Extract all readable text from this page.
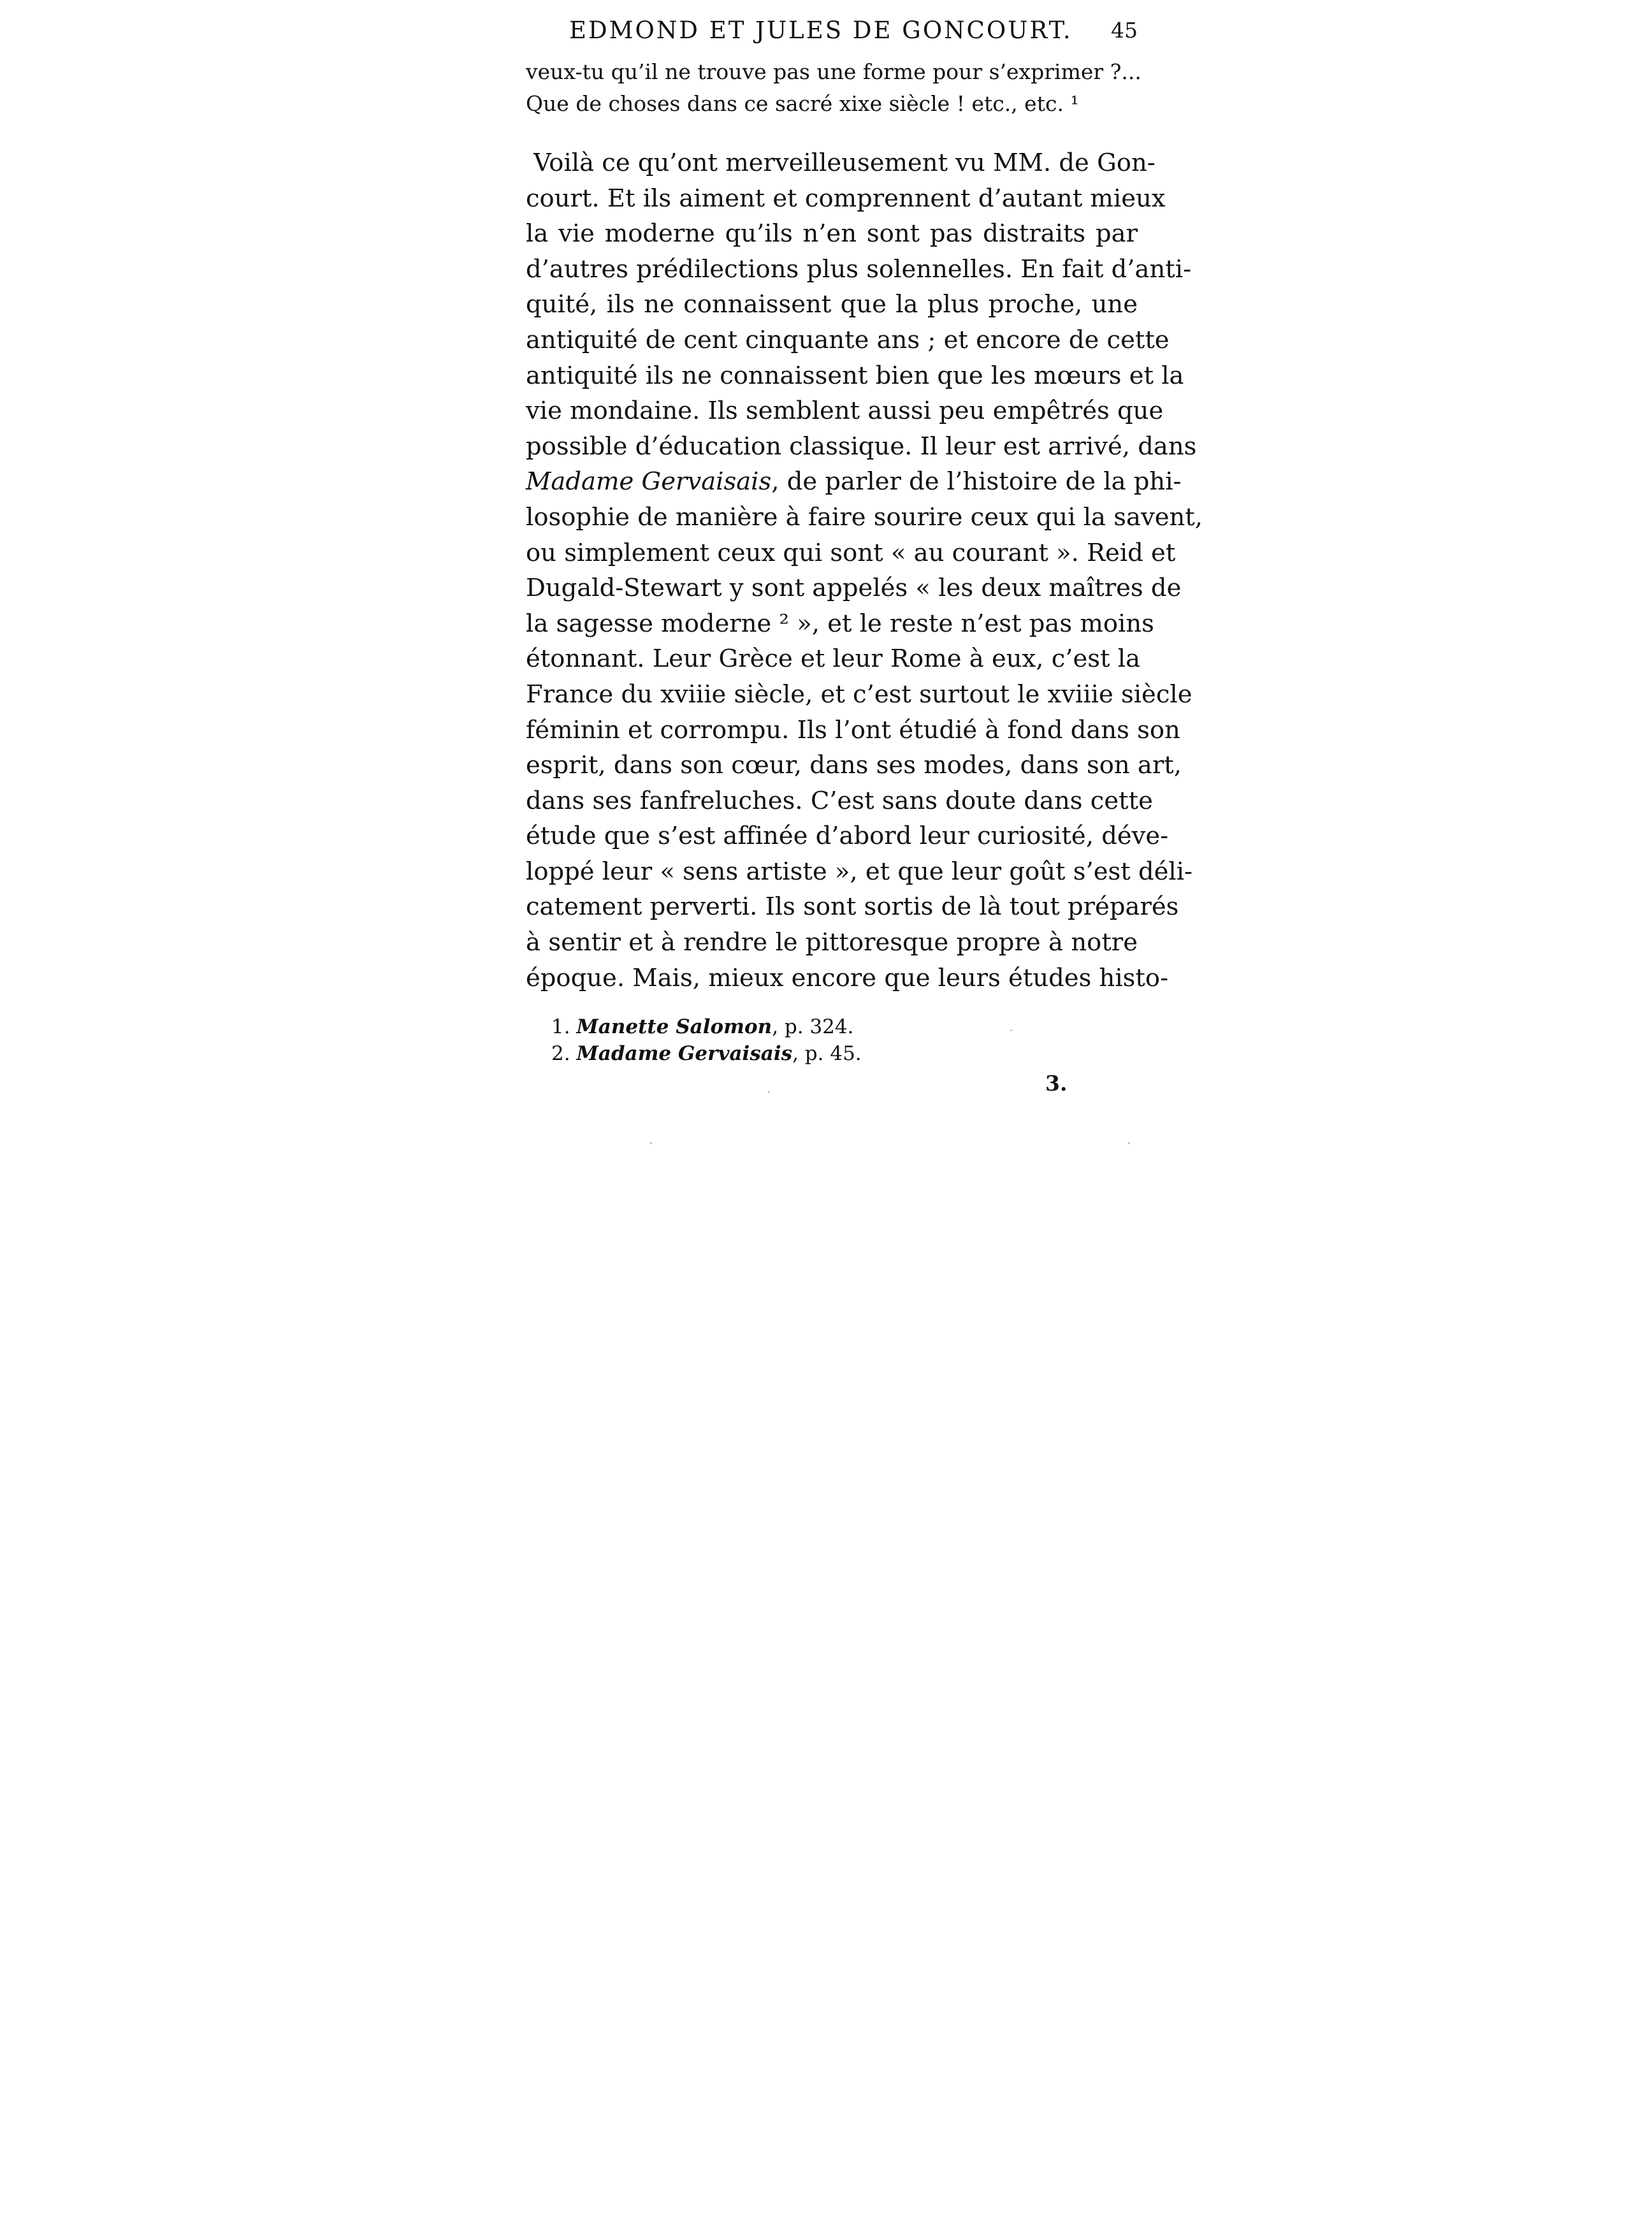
EDMOND ET JULES DE GONCOURT. 45
veux-tu qu’il ne trouve pas une forme pour s’exprimer ?...
Que de choses dans ce sacré xixe siècle ! etc., etc. ¹
Voilà ce qu’ont merveilleusement vu MM. de Gon-
court. Et ils aiment et comprennent d’autant mieux
la vie moderne qu’ils n’en sont pas distraits par
d’autres prédilections plus solennelles. En fait d’anti-
quité, ils ne connaissent que la plus proche, une
antiquité de cent cinquante ans ; et encore de cette
antiquité ils ne connaissent bien que les mœurs et la
vie mondaine. Ils semblent aussi peu empêtrés que
possible d’éducation classique. Il leur est arrivé, dans
Madame Gervaisais, de parler de l’histoire de la phi-
losophie de manière à faire sourire ceux qui la savent,
ou simplement ceux qui sont « au courant ». Reid et
Dugald-Stewart y sont appelés « les deux maîtres de
la sagesse moderne ² », et le reste n’est pas moins
étonnant. Leur Grèce et leur Rome à eux, c’est la
France du xviiie siècle, et c’est surtout le xviiie siècle
féminin et corrompu. Ils l’ont étudié à fond dans son
esprit, dans son cœur, dans ses modes, dans son art,
dans ses fanfreluches. C’est sans doute dans cette
étude que s’est affinée d’abord leur curiosité, déve-
loppé leur « sens artiste », et que leur goût s’est déli-
catement perverti. Ils sont sortis de là tout préparés
à sentir et à rendre le pittoresque propre à notre
époque. Mais, mieux encore que leurs études histo-
1. Manette Salomon, p. 324.
2. Madame Gervaisais, p. 45.
3.
